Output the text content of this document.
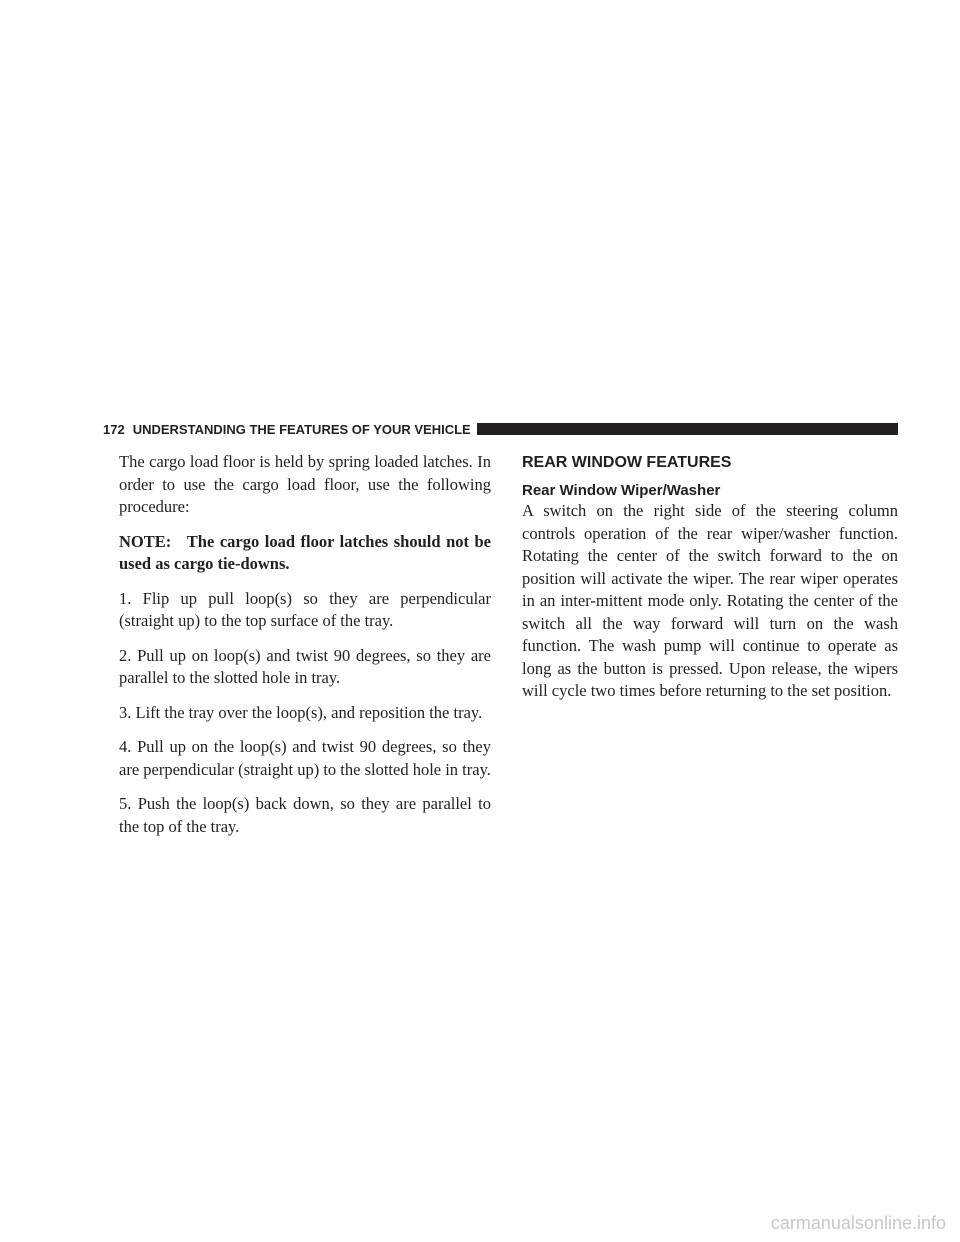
172 UNDERSTANDING THE FEATURES OF YOUR VEHICLE

The cargo load floor is held by spring loaded latches. In order to use the cargo load floor, use the following procedure:

NOTE: The cargo load floor latches should not be used as cargo tie-downs.

1. Flip up pull loop(s) so they are perpendicular (straight up) to the top surface of the tray.

2. Pull up on loop(s) and twist 90 degrees, so they are parallel to the slotted hole in tray.

3. Lift the tray over the loop(s), and reposition the tray.

4. Pull up on the loop(s) and twist 90 degrees, so they are perpendicular (straight up) to the slotted hole in tray.

5. Push the loop(s) back down, so they are parallel to the top of the tray.

REAR WINDOW FEATURES
Rear Window Wiper/Washer

A switch on the right side of the steering column controls operation of the rear wiper/washer function. Rotating the center of the switch forward to the on position will activate the wiper. The rear wiper operates in an inter-mittent mode only. Rotating the center of the switch all the way forward will turn on the wash function. The wash pump will continue to operate as long as the button is pressed. Upon release, the wipers will cycle two times before returning to the set position.

carmanualsonline.info
